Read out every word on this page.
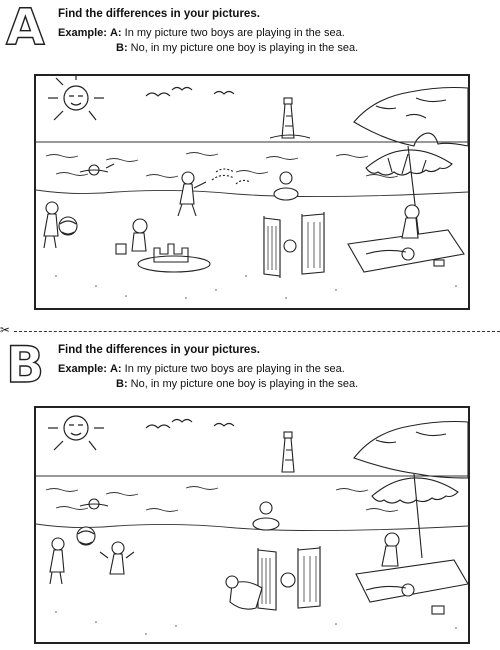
A Find the differences in your pictures.
Example: A: In my picture two boys are playing in the sea.
B: No, in my picture one boy is playing in the sea.
✂
B Find the differences in your pictures.
Example: A: In my picture two boys are playing in the sea.
B: No, in my picture one boy is playing in the sea.
